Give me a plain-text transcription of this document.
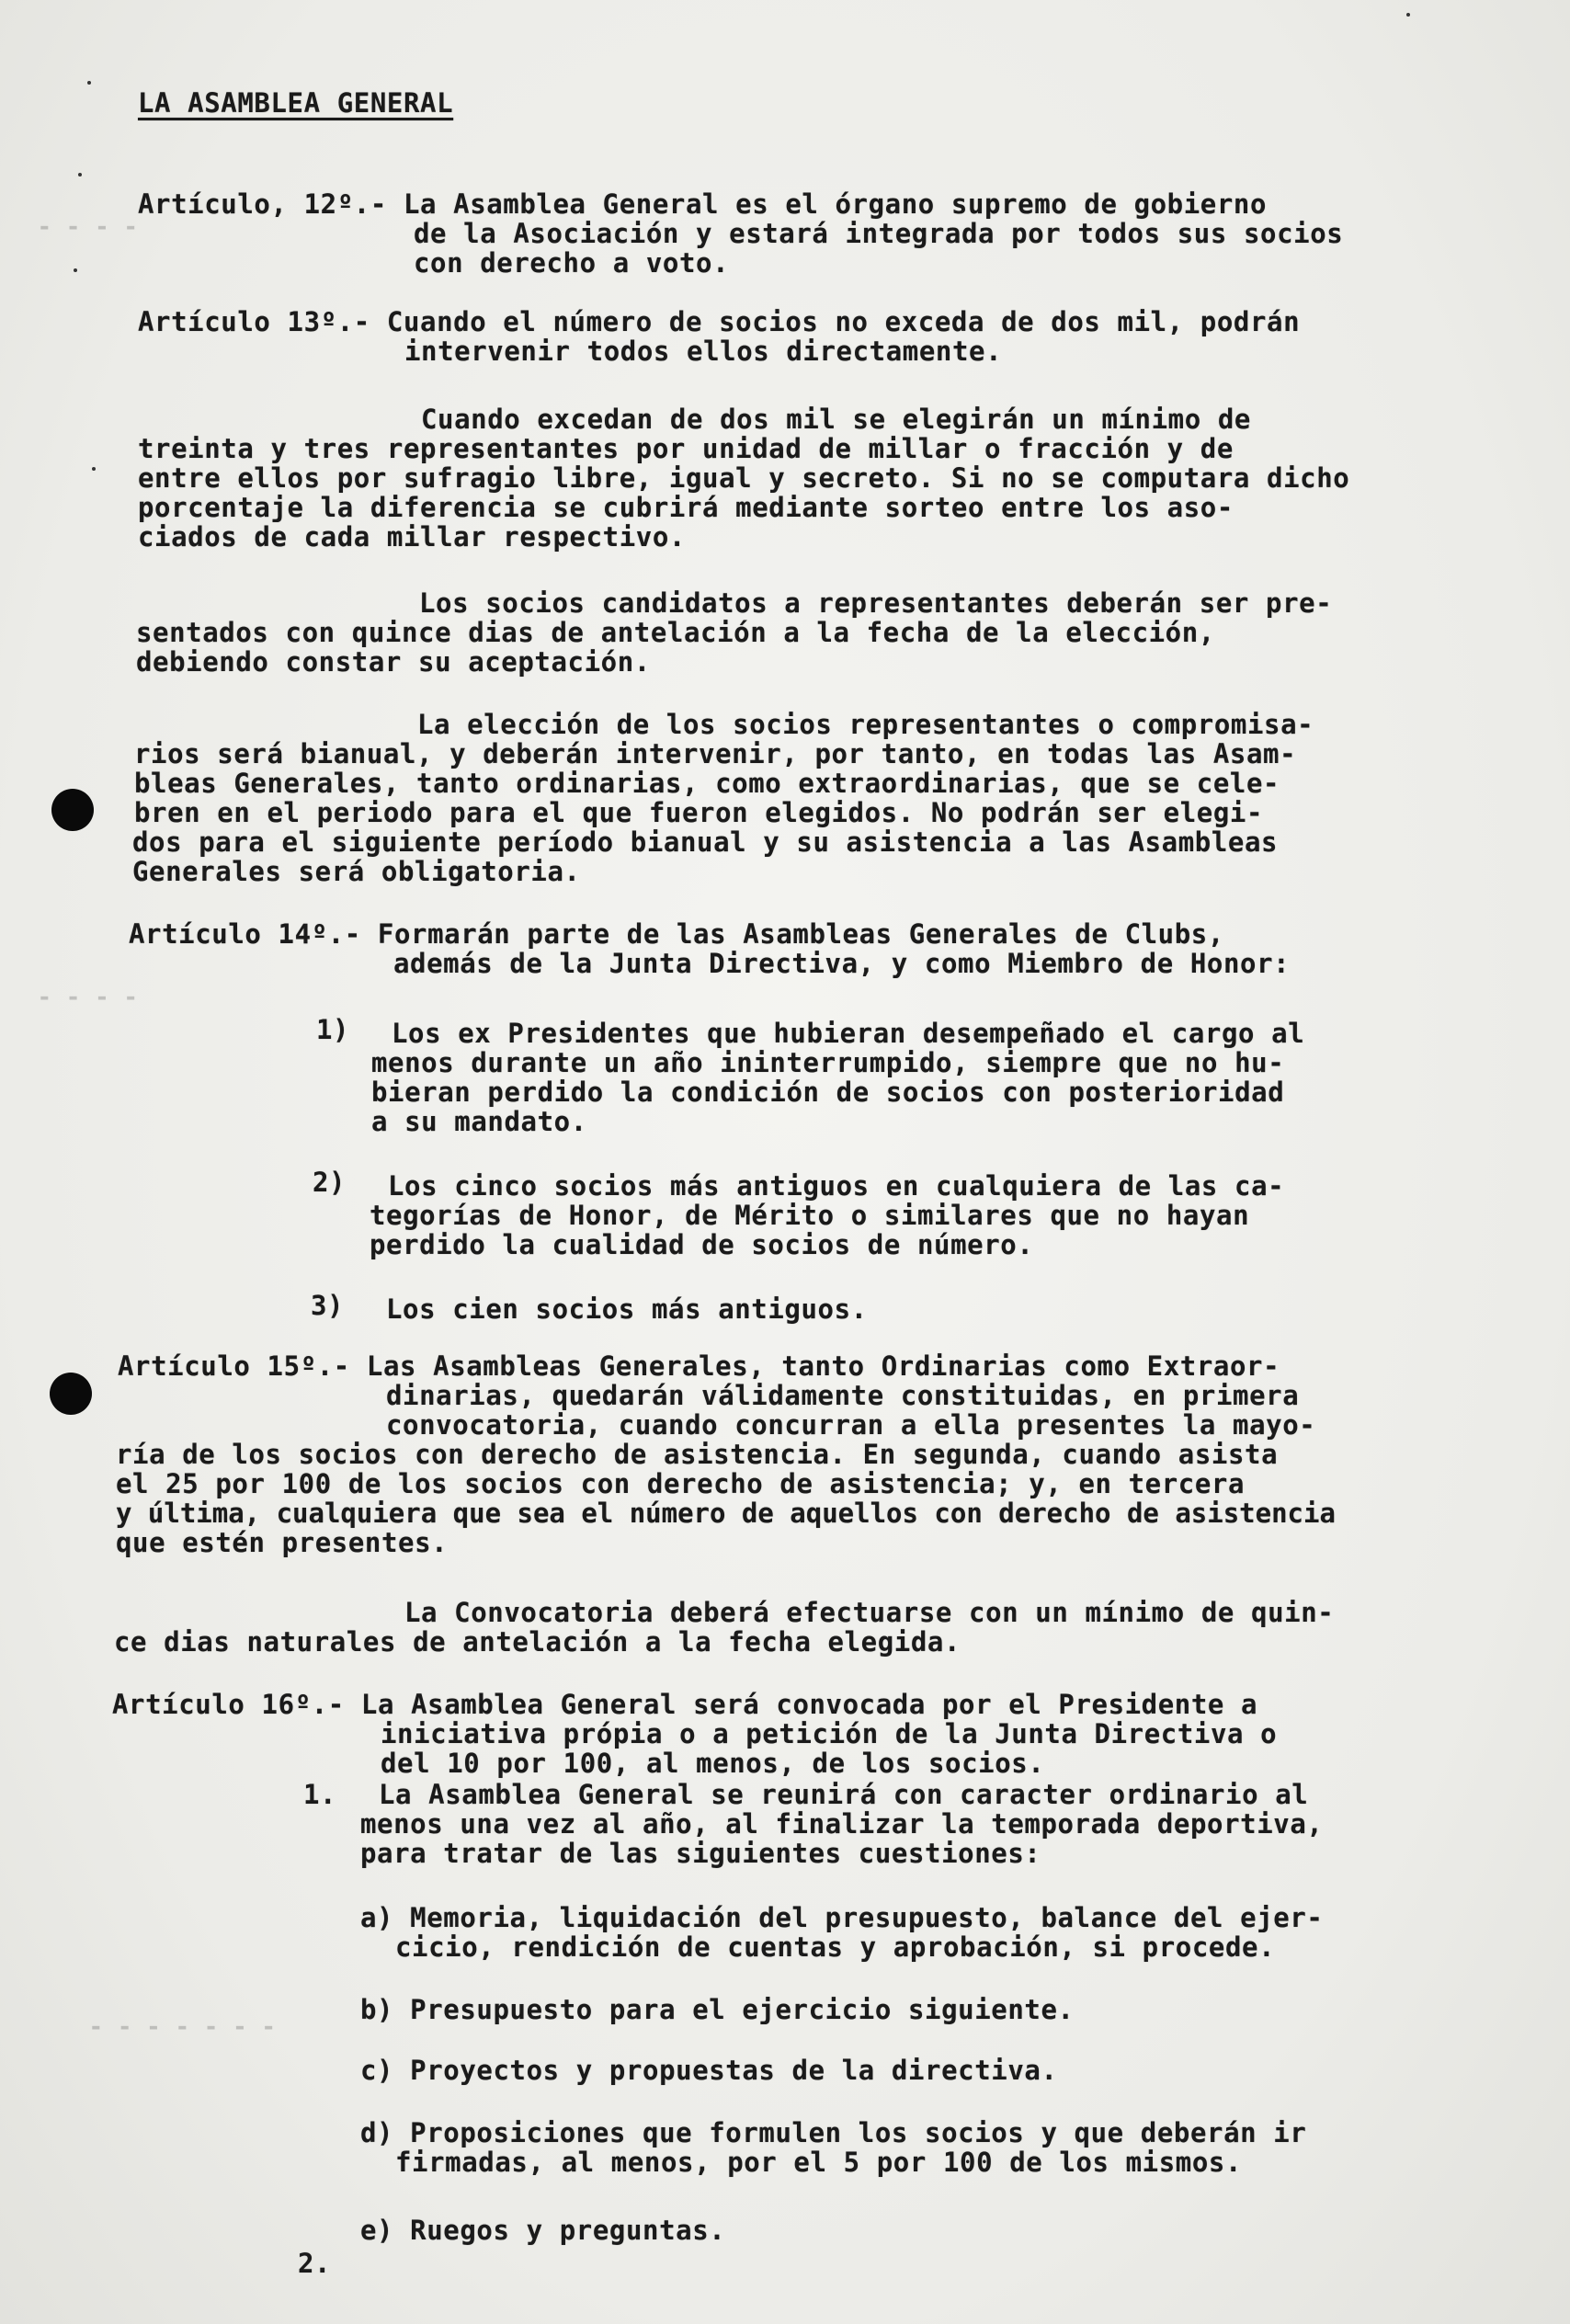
- - - -
- - - -
- - - - - - -

LA ASAMBLEA GENERAL

Artículo, 12º.- La Asamblea General es el órgano supremo de gobierno

de la Asociación y estará integrada por todos sus socios

con derecho a voto.

Artículo 13º.- Cuando el número de socios no exceda de dos mil, podrán

intervenir todos ellos directamente.

Cuando excedan de dos mil se elegirán un mínimo de

treinta y tres representantes por unidad de millar o fracción y de

entre ellos por sufragio libre, igual y secreto. Si no se computara dicho

porcentaje la diferencia se cubrirá mediante sorteo entre los aso-

ciados de cada millar respectivo.

Los socios candidatos a representantes deberán ser pre-

sentados con quince dias de antelación a la fecha de la elección,

debiendo constar su aceptación.

La elección de los socios representantes o compromisa-

rios será bianual, y deberán intervenir, por tanto, en todas las Asam-

bleas Generales, tanto ordinarias, como extraordinarias, que se cele-

bren en el periodo para el que fueron elegidos. No podrán ser elegi-

dos para el siguiente período bianual y su asistencia a las Asambleas

Generales será obligatoria.

Artículo 14º.- Formarán parte de las Asambleas Generales de Clubs,

además de la Junta Directiva, y como Miembro de Honor:

1) Los ex Presidentes que hubieran desempeñado el cargo al

menos durante un año ininterrumpido, siempre que no hu-

bieran perdido la condición de socios con posterioridad

a su mandato.

2) Los cinco socios más antiguos en cualquiera de las ca-

tegorías de Honor, de Mérito o similares que no hayan

perdido la cualidad de socios de número.

3) Los cien socios más antiguos.

Artículo 15º.- Las Asambleas Generales, tanto Ordinarias como Extraor-

dinarias, quedarán válidamente constituidas, en primera

convocatoria, cuando concurran a ella presentes la mayo-

ría de los socios con derecho de asistencia. En segunda, cuando asista

el 25 por 100 de los socios con derecho de asistencia; y, en tercera

y última, cualquiera que sea el número de aquellos con derecho de asistencia

que estén presentes.

La Convocatoria deberá efectuarse con un mínimo de quin-

ce dias naturales de antelación a la fecha elegida.

Artículo 16º.- La Asamblea General será convocada por el Presidente a

iniciativa própia o a petición de la Junta Directiva o

del 10 por 100, al menos, de los socios.

1. La Asamblea General se reunirá con caracter ordinario al

menos una vez al año, al finalizar la temporada deportiva,

para tratar de las siguientes cuestiones:

a) Memoria, liquidación del presupuesto, balance del ejer-

cicio, rendición de cuentas y aprobación, si procede.

b) Presupuesto para el ejercicio siguiente.

c) Proyectos y propuestas de la directiva.

d) Proposiciones que formulen los socios y que deberán ir

firmadas, al menos, por el 5 por 100 de los mismos.

e) Ruegos y preguntas.

2.
